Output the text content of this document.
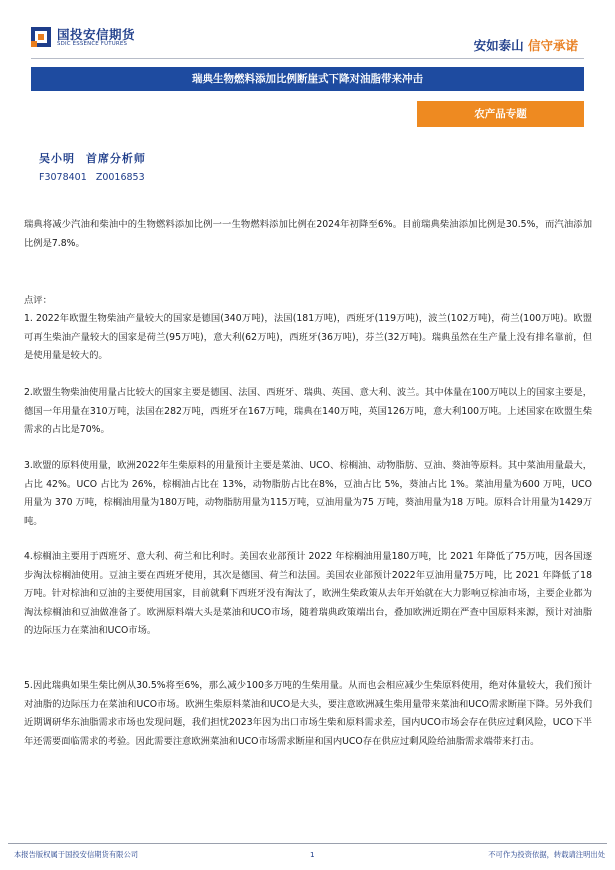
国投安信期货
SDIC ESSENCE FUTURES	安如泰山 信守承诺
瑞典生物燃料添加比例断崖式下降对油脂带来冲击
农产品专题
吴小明 首席分析师
F3078401 Z0016853
瑞典将减少汽油和柴油中的生物燃料添加比例一一生物燃料添加比例在2024年初降至6%。目前瑞典柴油添加比例是30.5%，而汽油添加比例是7.8%。
点评：
1. 2022年欧盟生物柴油产量较大的国家是德国(340万吨)，法国(181万吨)，西班牙(119万吨)，波兰(102万吨)，荷兰(100万吨)。欧盟可再生柴油产量较大的国家是荷兰(95万吨)，意大利(62万吨)，西班牙(36万吨)，芬兰(32万吨)。瑞典虽然在生产量上没有排名靠前，但是使用量是较大的。
2.欧盟生物柴油使用量占比较大的国家主要是德国、法国、西班牙、瑞典、英国、意大利、波兰。其中体量在100万吨以上的国家主要是，德国一年用量在310万吨，法国在282万吨，西班牙在167万吨，瑞典在140万吨，英国126万吨，意大利100万吨。上述国家在欧盟生柴需求的占比是70%。
3.欧盟的原料使用量，欧洲2022年生柴原料的用量预计主要是菜油、UCO、棕榈油、动物脂肪、豆油、葵油等原料。其中菜油用量最大，占比 42%。UCO 占比为 26%，棕榈油占比在 13%，动物脂肪占比在8%，豆油占比 5%，葵油占比 1%。菜油用量为600 万吨，UCO 用量为 370 万吨，棕榈油用量为180万吨，动物脂肪用量为115万吨，豆油用量为75 万吨，葵油用量为18 万吨。原料合计用量为1429万吨。
4.棕榈油主要用于西班牙、意大利、荷兰和比利时。美国农业部预计 2022 年棕榈油用量180万吨，比 2021 年降低了75万吨，因各国逐步淘汰棕榈油使用。豆油主要在西班牙使用，其次是德国、荷兰和法国。美国农业部预计2022年豆油用量75万吨，比 2021 年降低了18万吨。针对棕油和豆油的主要使用国家，目前就剩下西班牙没有淘汰了，欧洲生柴政策从去年开始就在大力影响豆棕油市场，主要企业都为淘汰棕榈油和豆油做准备了。欧洲原料端大头是菜油和UCO市场，随着瑞典政策端出台，叠加欧洲近期在严查中国原料来源，预计对油脂的边际压力在菜油和UCO市场。
5.因此瑞典如果生柴比例从30.5%将至6%，那么减少100多万吨的生柴用量。从而也会相应减少生柴原料使用，绝对体量较大，我们预计对油脂的边际压力在菜油和UCO市场。欧洲生柴原料菜油和UCO是大头，要注意欧洲减生柴用量带来菜油和UCO需求断崖下降。另外我们近期调研华东油脂需求市场也发现问题，我们担忧2023年因为出口市场生柴和原料需求差，国内UCO市场会存在供应过剩风险，UCO下半年还需要面临需求的考验。因此需要注意欧洲菜油和UCO市场需求断崖和国内UCO存在供应过剩风险给油脂需求端带来打击。
本报告版权属于国投安信期货有限公司	1	不可作为投资依据，转载请注明出处
